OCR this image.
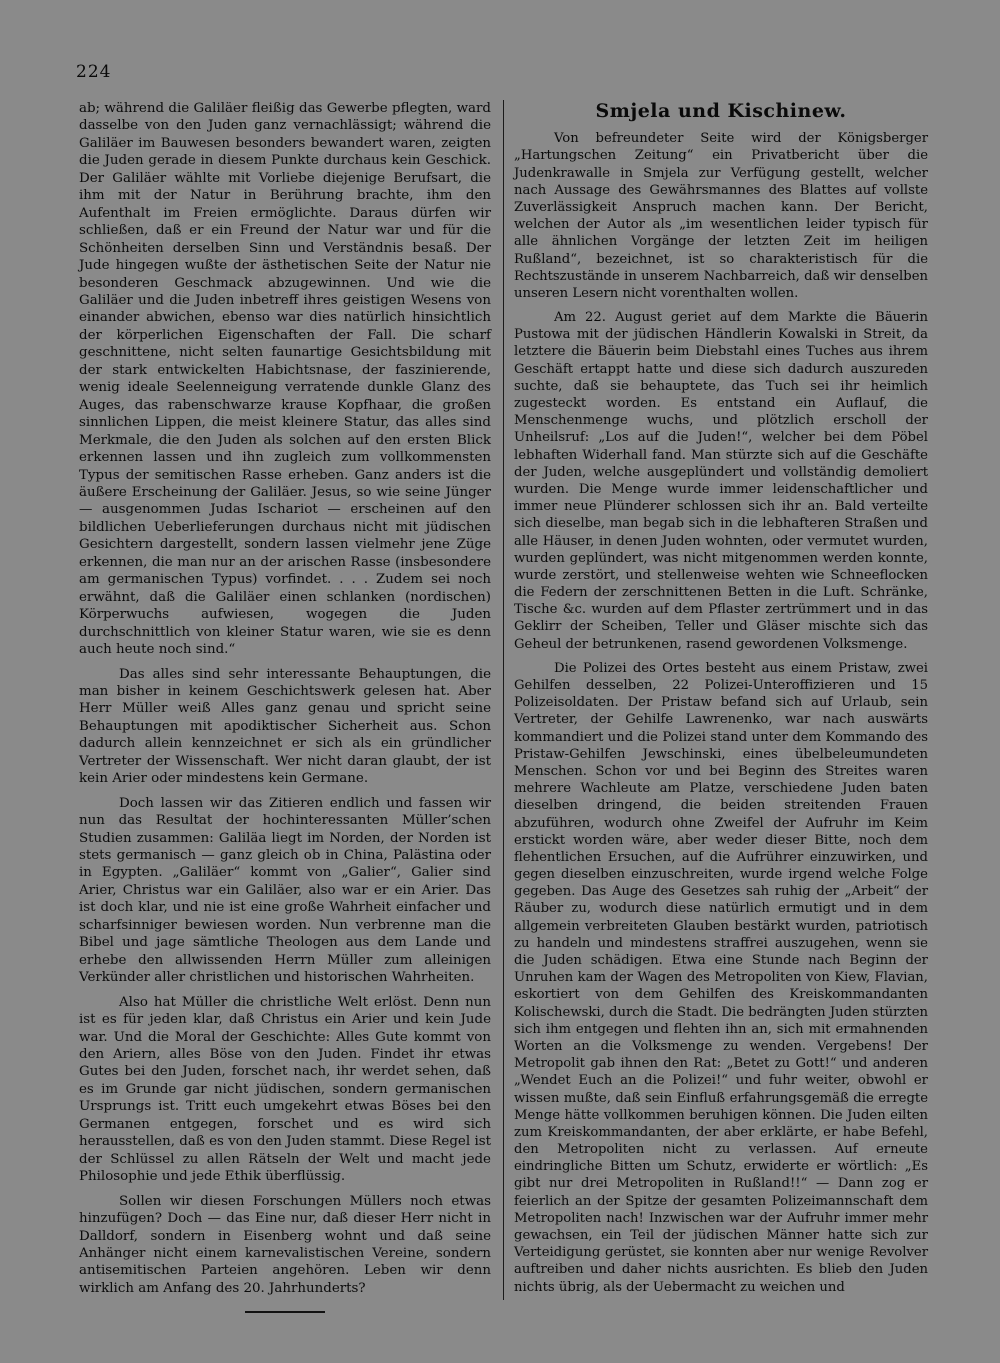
224

ab; während die Galiläer fleißig das Gewerbe pflegten, ward dasselbe von den Juden ganz vernachlässigt; während die Galiläer im Bauwesen besonders bewandert waren, zeigten die Juden gerade in diesem Punkte durchaus kein Geschick. Der Galiläer wählte mit Vorliebe diejenige Berufsart, die ihm mit der Natur in Berührung brachte, ihm den Aufenthalt im Freien ermöglichte. Daraus dürfen wir schließen, daß er ein Freund der Natur war und für die Schönheiten derselben Sinn und Verständnis besaß. Der Jude hingegen wußte der ästhetischen Seite der Natur nie besonderen Geschmack abzugewinnen. Und wie die Galiläer und die Juden inbetreff ihres geistigen Wesens von einander abwichen, ebenso war dies natürlich hinsichtlich der körperlichen Eigenschaften der Fall. Die scharf geschnittene, nicht selten faunartige Gesichtsbildung mit der stark entwickelten Habichtsnase, der faszinierende, wenig ideale Seelenneigung verratende dunkle Glanz des Auges, das rabenschwarze krause Kopfhaar, die großen sinnlichen Lippen, die meist kleinere Statur, das alles sind Merkmale, die den Juden als solchen auf den ersten Blick erkennen lassen und ihn zugleich zum vollkommensten Typus der semitischen Rasse erheben. Ganz anders ist die äußere Erscheinung der Galiläer. Jesus, so wie seine Jünger — ausgenommen Judas Ischariot — erscheinen auf den bildlichen Ueberlieferungen durchaus nicht mit jüdischen Gesichtern dargestellt, sondern lassen vielmehr jene Züge erkennen, die man nur an der arischen Rasse (insbesondere am germanischen Typus) vorfindet. . . . Zudem sei noch erwähnt, daß die Galiläer einen schlanken (nordischen) Körperwuchs aufwiesen, wogegen die Juden durchschnittlich von kleiner Statur waren, wie sie es denn auch heute noch sind.“

Das alles sind sehr interessante Behauptungen, die man bisher in keinem Geschichtswerk gelesen hat. Aber Herr Müller weiß Alles ganz genau und spricht seine Behauptungen mit apodiktischer Sicherheit aus. Schon dadurch allein kennzeichnet er sich als ein gründlicher Vertreter der Wissenschaft. Wer nicht daran glaubt, der ist kein Arier oder mindestens kein Germane.

Doch lassen wir das Zitieren endlich und fassen wir nun das Resultat der hochinteressanten Müller’schen Studien zusammen: Galiläa liegt im Norden, der Norden ist stets germanisch — ganz gleich ob in China, Palästina oder in Egypten. „Galiläer“ kommt von „Galier“, Galier sind Arier, Christus war ein Galiläer, also war er ein Arier. Das ist doch klar, und nie ist eine große Wahrheit einfacher und scharfsinniger bewiesen worden. Nun verbrenne man die Bibel und jage sämtliche Theologen aus dem Lande und erhebe den allwissenden Herrn Müller zum alleinigen Verkünder aller christlichen und historischen Wahrheiten.

Also hat Müller die christliche Welt erlöst. Denn nun ist es für jeden klar, daß Christus ein Arier und kein Jude war. Und die Moral der Geschichte: Alles Gute kommt von den Ariern, alles Böse von den Juden. Findet ihr etwas Gutes bei den Juden, forschet nach, ihr werdet sehen, daß es im Grunde gar nicht jüdischen, sondern germanischen Ursprungs ist. Tritt euch umgekehrt etwas Böses bei den Germanen entgegen, forschet und es wird sich herausstellen, daß es von den Juden stammt. Diese Regel ist der Schlüssel zu allen Rätseln der Welt und macht jede Philosophie und jede Ethik überflüssig.

Sollen wir diesen Forschungen Müllers noch etwas hinzufügen? Doch — das Eine nur, daß dieser Herr nicht in Dalldorf, sondern in Eisenberg wohnt und daß seine Anhänger nicht einem karnevalistischen Vereine, sondern antisemitischen Parteien angehören. Leben wir denn wirklich am Anfang des 20. Jahrhunderts?

Smjela und Kischinew.

Von befreundeter Seite wird der Königsberger „Hartungschen Zeitung“ ein Privatbericht über die Judenkrawalle in Smjela zur Verfügung gestellt, welcher nach Aussage des Gewährsmannes des Blattes auf vollste Zuverlässigkeit Anspruch machen kann. Der Bericht, welchen der Autor als „im wesentlichen leider typisch für alle ähnlichen Vorgänge der letzten Zeit im heiligen Rußland“, bezeichnet, ist so charakteristisch für die Rechtszustände in unserem Nachbarreich, daß wir denselben unseren Lesern nicht vorenthalten wollen.

Am 22. August geriet auf dem Markte die Bäuerin Pustowa mit der jüdischen Händlerin Kowalski in Streit, da letztere die Bäuerin beim Diebstahl eines Tuches aus ihrem Geschäft ertappt hatte und diese sich dadurch auszureden suchte, daß sie behauptete, das Tuch sei ihr heimlich zugesteckt worden. Es entstand ein Auflauf, die Menschenmenge wuchs, und plötzlich erscholl der Unheilsruf: „Los auf die Juden!“, welcher bei dem Pöbel lebhaften Widerhall fand. Man stürzte sich auf die Geschäfte der Juden, welche ausgeplündert und vollständig demoliert wurden. Die Menge wurde immer leidenschaftlicher und immer neue Plünderer schlossen sich ihr an. Bald verteilte sich dieselbe, man begab sich in die lebhafteren Straßen und alle Häuser, in denen Juden wohnten, oder vermutet wurden, wurden geplündert, was nicht mitgenommen werden konnte, wurde zerstört, und stellenweise wehten wie Schneeflocken die Federn der zerschnittenen Betten in die Luft. Schränke, Tische &c. wurden auf dem Pflaster zertrümmert und in das Geklirr der Scheiben, Teller und Gläser mischte sich das Geheul der betrunkenen, rasend gewordenen Volksmenge.

Die Polizei des Ortes besteht aus einem Pristaw, zwei Gehilfen desselben, 22 Polizei-Unteroffizieren und 15 Polizeisoldaten. Der Pristaw befand sich auf Urlaub, sein Vertreter, der Gehilfe Lawrenenko, war nach auswärts kommandiert und die Polizei stand unter dem Kommando des Pristaw-Gehilfen Jewschinski, eines übelbeleumundeten Menschen. Schon vor und bei Beginn des Streites waren mehrere Wachleute am Platze, verschiedene Juden baten dieselben dringend, die beiden streitenden Frauen abzuführen, wodurch ohne Zweifel der Aufruhr im Keim erstickt worden wäre, aber weder dieser Bitte, noch dem flehentlichen Ersuchen, auf die Aufrührer einzuwirken, und gegen dieselben einzuschreiten, wurde irgend welche Folge gegeben. Das Auge des Gesetzes sah ruhig der „Arbeit“ der Räuber zu, wodurch diese natürlich ermutigt und in dem allgemein verbreiteten Glauben bestärkt wurden, patriotisch zu handeln und mindestens straffrei auszugehen, wenn sie die Juden schädigen. Etwa eine Stunde nach Beginn der Unruhen kam der Wagen des Metropoliten von Kiew, Flavian, eskortiert von dem Gehilfen des Kreiskommandanten Kolischewski, durch die Stadt. Die bedrängten Juden stürzten sich ihm entgegen und flehten ihn an, sich mit ermahnenden Worten an die Volksmenge zu wenden. Vergebens! Der Metropolit gab ihnen den Rat: „Betet zu Gott!“ und anderen „Wendet Euch an die Polizei!“ und fuhr weiter, obwohl er wissen mußte, daß sein Einfluß erfahrungsgemäß die erregte Menge hätte vollkommen beruhigen können. Die Juden eilten zum Kreiskommandanten, der aber erklärte, er habe Befehl, den Metropoliten nicht zu verlassen. Auf erneute eindringliche Bitten um Schutz, erwiderte er wörtlich: „Es gibt nur drei Metropoliten in Rußland!!“ — Dann zog er feierlich an der Spitze der gesamten Polizeimannschaft dem Metropoliten nach! Inzwischen war der Aufruhr immer mehr gewachsen, ein Teil der jüdischen Männer hatte sich zur Verteidigung gerüstet, sie konnten aber nur wenige Revolver auftreiben und daher nichts ausrichten. Es blieb den Juden nichts übrig, als der Uebermacht zu weichen und
